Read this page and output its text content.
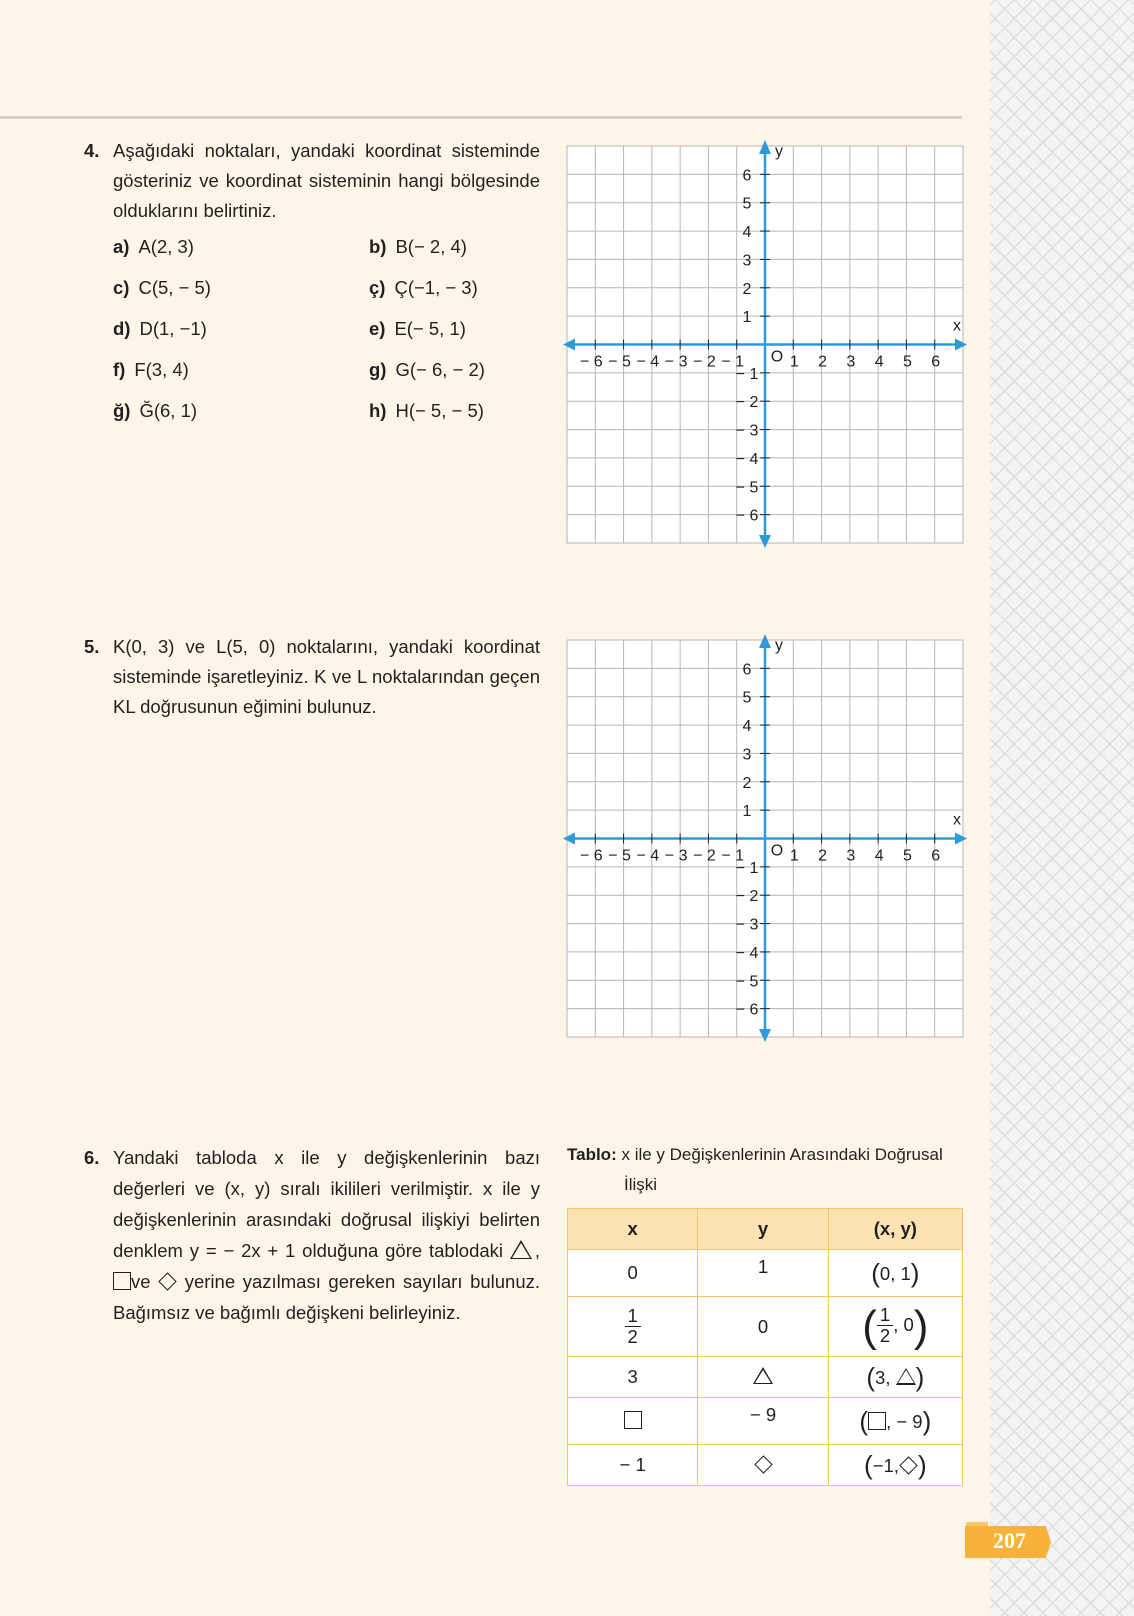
4. Aşağıdaki noktaları, yandaki koordinat sisteminde gösteriniz ve koordinat sisteminin hangi bölgesinde olduklarını belirtiniz.
a) A(2, 3)	b) B(− 2, 4)
c) C(5, − 5)	ç) Ç(−1, − 3)
d) D(1, −1)	e) E(− 5, 1)
f) F(3, 4)	g) G(− 6, − 2)
ğ) Ğ(6, 1)	h) H(− 5, − 5)
− 6 − 5 − 4 − 3 − 2 − 1	1 2 3 4 5 6
1
2
3
4
5
6
− 1
− 2
− 3
− 4
− 5
− 6
O
x
y
5. K(0, 3) ve L(5, 0) noktalarını, yandaki koordinat sisteminde işaretleyiniz. K ve L noktalarından geçen KL doğrusunun eğimini bulunuz.
− 6 − 5 − 4 − 3 − 2 − 1	1 2 3 4 5 6
1
2
3
4
5
6
− 1
− 2
− 3
− 4
− 5
− 6
O
x
y
6. Yandaki tabloda x ile y değişkenlerinin bazı değerleri ve (x, y) sıralı ikilileri verilmiştir. x ile y değişkenlerinin arasındaki doğrusal ilişkiyi belirten denklem y = − 2x + 1 olduğuna göre tablodaki , ve yerine yazılması gereken sayıları bulunuz. Bağımsız ve bağımlı değişkeni belirleyiniz.
Tablo: x ile y Değişkenlerinin Arasındaki Doğrusal
İlişki
x	y	(x, y)
0	1	(0, 1)

$\frac{1}{2}$	0	( $\frac{1}{2}$ , 0)
3		(3, )
	− 9	( , − 9)
− 1		(−1, )
207
